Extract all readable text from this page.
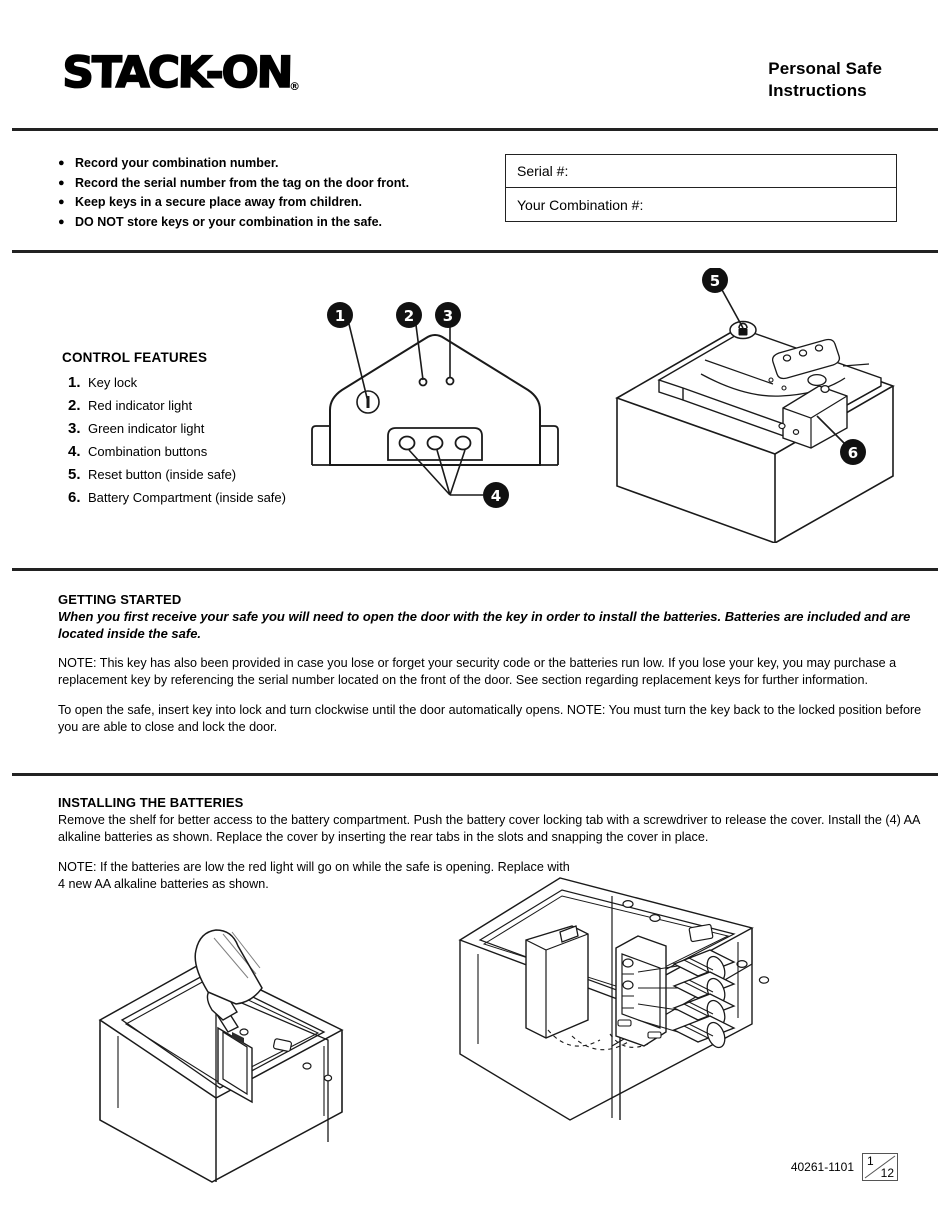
STACK-ON
®
Personal Safe
Instructions
● Record your combination number.
● Record the serial number from the tag on the door front.
● Keep keys in a secure place away from children.
● DO NOT store keys or your combination in the safe.
Serial #:
Your Combination #:
CONTROL FEATURES
1. Key lock
2. Red indicator light
3. Green indicator light
4. Combination buttons
5. Reset button (inside safe)
6. Battery Compartment (inside safe)
1	2 3
4
5
6
GETTING STARTED
When you first receive your safe you will need to open the door with the key in order to install the batteries. Batteries are included and are located inside the safe.
NOTE: This key has also been provided in case you lose or forget your security code or the batteries run low. If you lose your key, you may purchase a replacement key by referencing the serial number located on the front of the door. See section regarding replacement keys for further information.
To open the safe, insert key into lock and turn clockwise until the door automatically opens. NOTE: You must turn the key back to the locked position before you are able to close and lock the door.
INSTALLING THE BATTERIES
Remove the shelf for better access to the battery compartment. Push the battery cover locking tab with a screwdriver to release the cover. Install the (4) AA alkaline batteries as shown. Replace the cover by inserting the rear tabs in the slots and snapping the cover in place.
NOTE: If the batteries are low the red light will go on while the safe is opening. Replace with 4 new AA alkaline batteries as shown.
40261-1101 1
12
